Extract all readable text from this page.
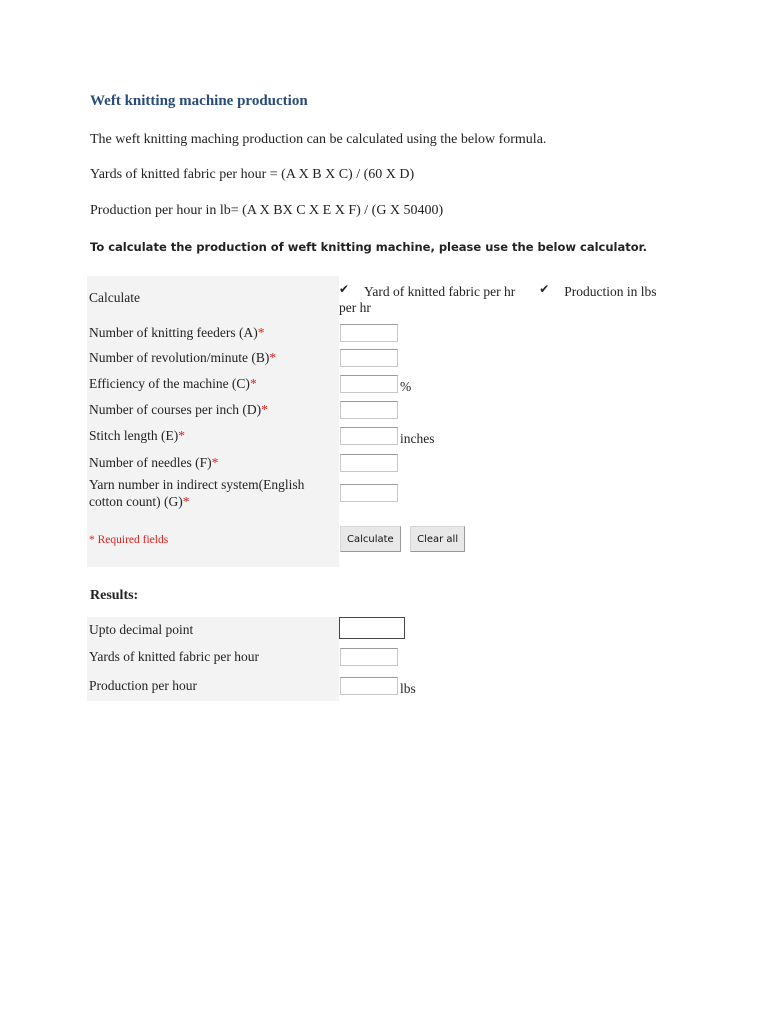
Weft knitting machine production

The weft knitting maching production can be calculated using the below formula.

Yards of knitted fabric per hour = (A X B X C) / (60 X D)

Production per hour in lb= (A X BX C X E X F) / (G X 50400)

To calculate the production of weft knitting machine, please use the below calculator.

Calculate	✔ Yard of knitted fabric per hr ✔ Production in lbs per hr
Number of knitting feeders (A)*	
Number of revolution/minute (B)*	
Efficiency of the machine (C)*	%
Number of courses per inch (D)*	
Stitch length (E)*	inches
Number of needles (F)*	
Yarn number in indirect system(English cotton count) (G)*	
* Required fields	Calculate Clear all
Results:
Upto decimal point	
Yards of knitted fabric per hour	
Production per hour	lbs
